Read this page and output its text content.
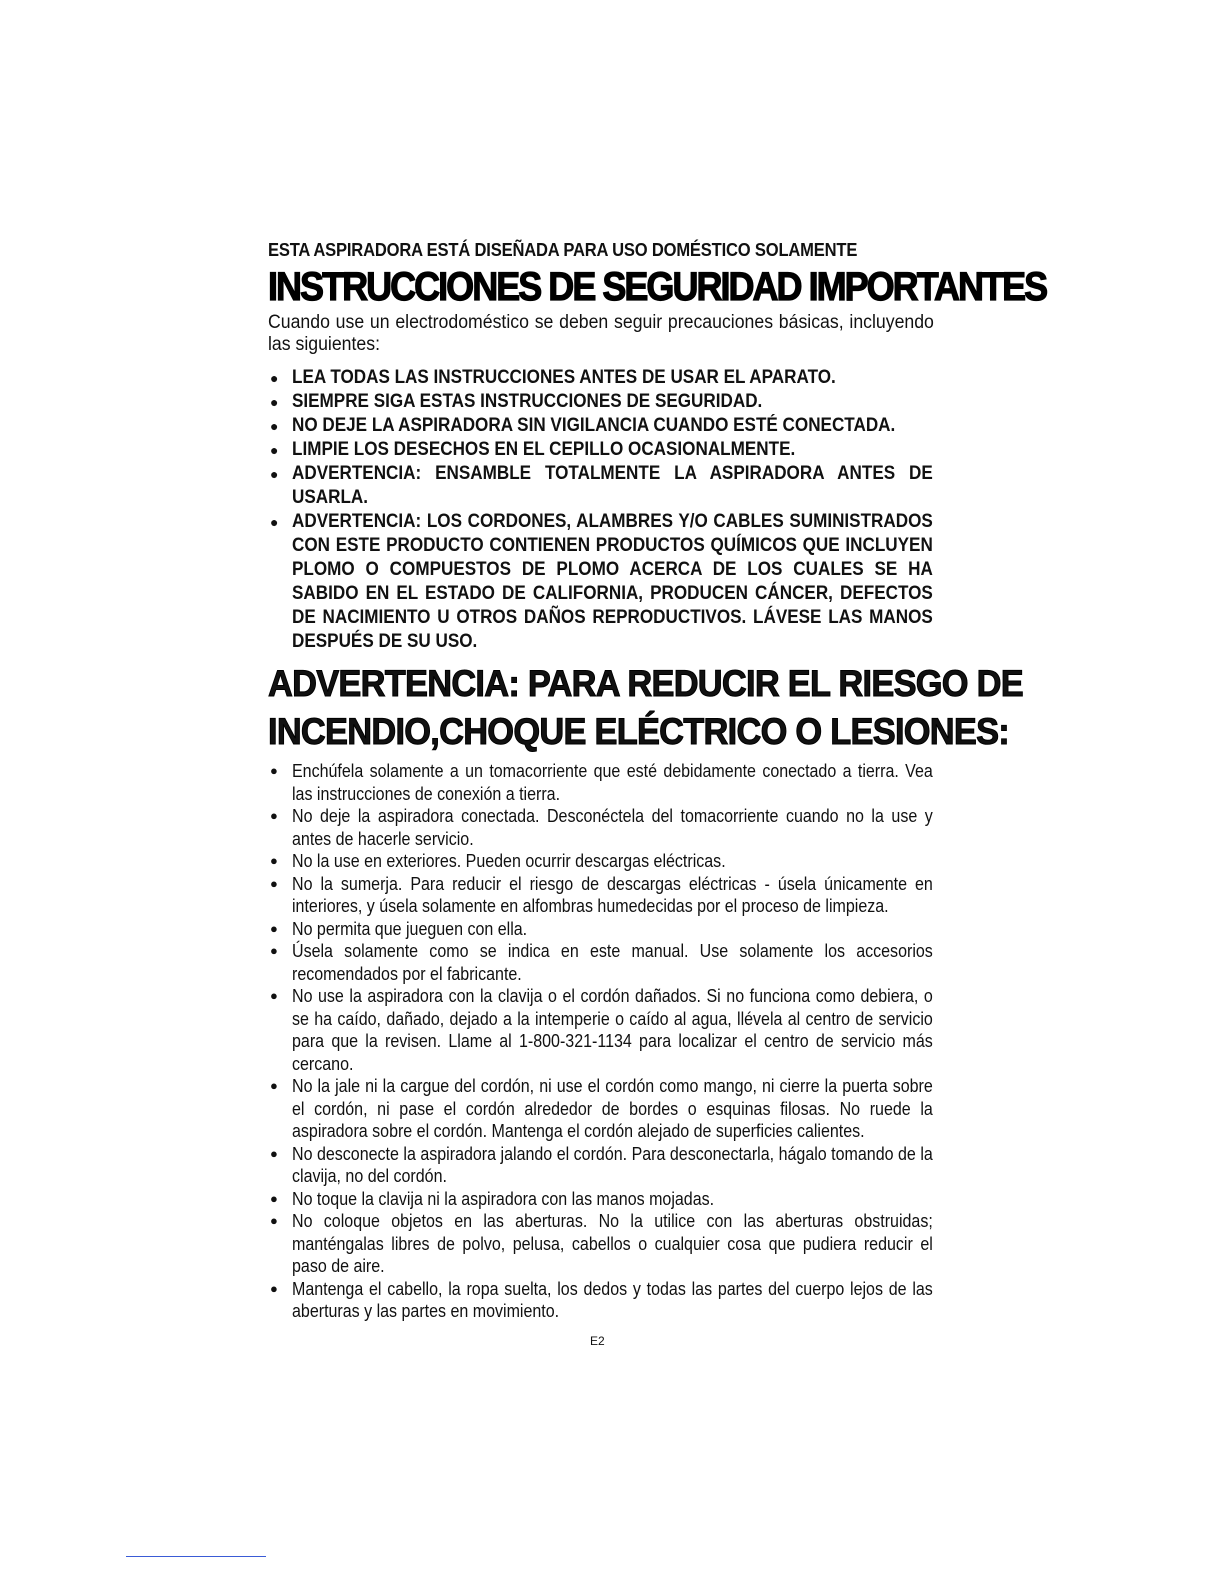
ESTA ASPIRADORA ESTÁ DISEÑADA PARA USO DOMÉSTICO SOLAMENTE

INSTRUCCIONES DE SEGURIDAD IMPORTANTES

Cuando use un electrodoméstico se deben seguir precauciones básicas, incluyendo las siguientes:

● LEA TODAS LAS INSTRUCCIONES ANTES DE USAR EL APARATO.
● SIEMPRE SIGA ESTAS INSTRUCCIONES DE SEGURIDAD.
● NO DEJE LA ASPIRADORA SIN VIGILANCIA CUANDO ESTÉ CONECTADA.
● LIMPIE LOS DESECHOS EN EL CEPILLO OCASIONALMENTE.
● ADVERTENCIA: ENSAMBLE TOTALMENTE LA ASPIRADORA ANTES DE USARLA.
● ADVERTENCIA: LOS CORDONES, ALAMBRES Y/O CABLES SUMINISTRADOS CON ESTE PRODUCTO CONTIENEN PRODUCTOS QUÍMICOS QUE INCLUYEN PLOMO O COMPUESTOS DE PLOMO ACERCA DE LOS CUALES SE HA SABIDO EN EL ESTADO DE CALIFORNIA, PRODUCEN CÁNCER, DEFECTOS DE NACIMIENTO U OTROS DAÑOS REPRODUCTIVOS. LÁVESE LAS MANOS DESPUÉS DE SU USO.
ADVERTENCIA: PARA REDUCIR EL RIESGO DE
INCENDIO,CHOQUE ELÉCTRICO O LESIONES:
● Enchúfela solamente a un tomacorriente que esté debidamente conectado a tierra. Vea las instrucciones de conexión a tierra.
● No deje la aspiradora conectada. Desconéctela del tomacorriente cuando no la use y antes de hacerle servicio.
● No la use en exteriores. Pueden ocurrir descargas eléctricas.
● No la sumerja. Para reducir el riesgo de descargas eléctricas - úsela únicamente en interiores, y úsela solamente en alfombras humedecidas por el proceso de limpieza.
● No permita que jueguen con ella.
● Úsela solamente como se indica en este manual. Use solamente los accesorios recomendados por el fabricante.
● No use la aspiradora con la clavija o el cordón dañados. Si no funciona como debiera, o se ha caído, dañado, dejado a la intemperie o caído al agua, llévela al centro de servicio para que la revisen. Llame al 1-800-321-1134 para localizar el centro de servicio más cercano.
● No la jale ni la cargue del cordón, ni use el cordón como mango, ni cierre la puerta sobre el cordón, ni pase el cordón alrededor de bordes o esquinas filosas. No ruede la aspiradora sobre el cordón. Mantenga el cordón alejado de superficies calientes.
● No desconecte la aspiradora jalando el cordón. Para desconectarla, hágalo tomando de la clavija, no del cordón.
● No toque la clavija ni la aspiradora con las manos mojadas.
● No coloque objetos en las aberturas. No la utilice con las aberturas obstruidas; manténgalas libres de polvo, pelusa, cabellos o cualquier cosa que pudiera reducir el paso de aire.
● Mantenga el cabello, la ropa suelta, los dedos y todas las partes del cuerpo lejos de las aberturas y las partes en movimiento.
E2
